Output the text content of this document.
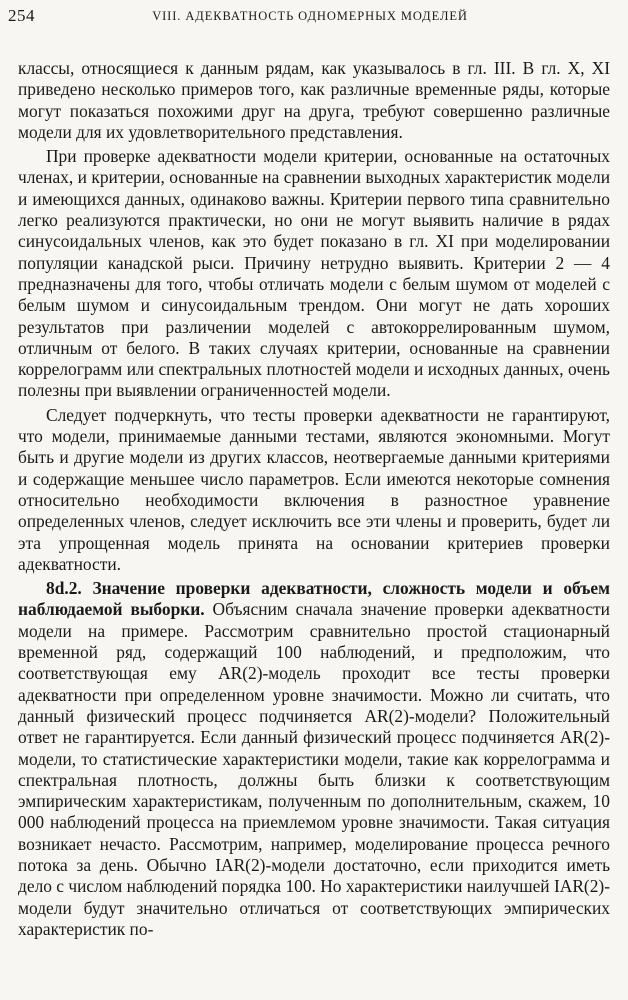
254	VIII. АДЕКВАТНОСТЬ ОДНОМЕРНЫХ МОДЕЛЕЙ

классы, относящиеся к данным рядам, как указывалось в гл. III. В гл. X, XI приведено несколько примеров того, как различные временные ряды, которые могут показаться похожими друг на друга, требуют совершенно различные модели для их удовлетворительного представления.

При проверке адекватности модели критерии, основанные на остаточных членах, и критерии, основанные на сравнении выходных характеристик модели и имеющихся данных, одинаково важны. Критерии первого типа сравнительно легко реализуются практически, но они не могут выявить наличие в рядах синусоидальных членов, как это будет показано в гл. XI при моделировании популяции канадской рыси. Причину нетрудно выявить. Критерии 2 — 4 предназначены для того, чтобы отличать модели с белым шумом от моделей с белым шумом и синусоидальным трендом. Они могут не дать хороших результатов при различении моделей с автокоррелированным шумом, отличным от белого. В таких случаях критерии, основанные на сравнении коррелограмм или спектральных плотностей модели и исходных данных, очень полезны при выявлении ограниченностей модели.

Следует подчеркнуть, что тесты проверки адекватности не гарантируют, что модели, принимаемые данными тестами, являются экономными. Могут быть и другие модели из других классов, неотвергаемые данными критериями и содержащие меньшее число параметров. Если имеются некоторые сомнения относительно необходимости включения в разностное уравнение определенных членов, следует исключить все эти члены и проверить, будет ли эта упрощенная модель принята на основании критериев проверки адекватности.

8d.2. Значение проверки адекватности, сложность модели и объем наблюдаемой выборки. Объясним сначала значение проверки адекватности модели на примере. Рассмотрим сравнительно простой стационарный временной ряд, содержащий 100 наблюдений, и предположим, что соответствующая ему AR(2)-модель проходит все тесты проверки адекватности при определенном уровне значимости. Можно ли считать, что данный физический процесс подчиняется AR(2)-модели? Положительный ответ не гарантируется. Если данный физический процесс подчиняется AR(2)-модели, то статистические характеристики модели, такие как коррелограмма и спектральная плотность, должны быть близки к соответствующим эмпирическим характеристикам, полученным по дополнительным, скажем, 10 000 наблюдений процесса на приемлемом уровне значимости. Такая ситуация возникает нечасто. Рассмотрим, например, моделирование процесса речного потока за день. Обычно IAR(2)-модели достаточно, если приходится иметь дело с числом наблюдений порядка 100. Но характеристики наилучшей IAR(2)-модели будут значительно отличаться от соответствующих эмпирических характеристик по-
